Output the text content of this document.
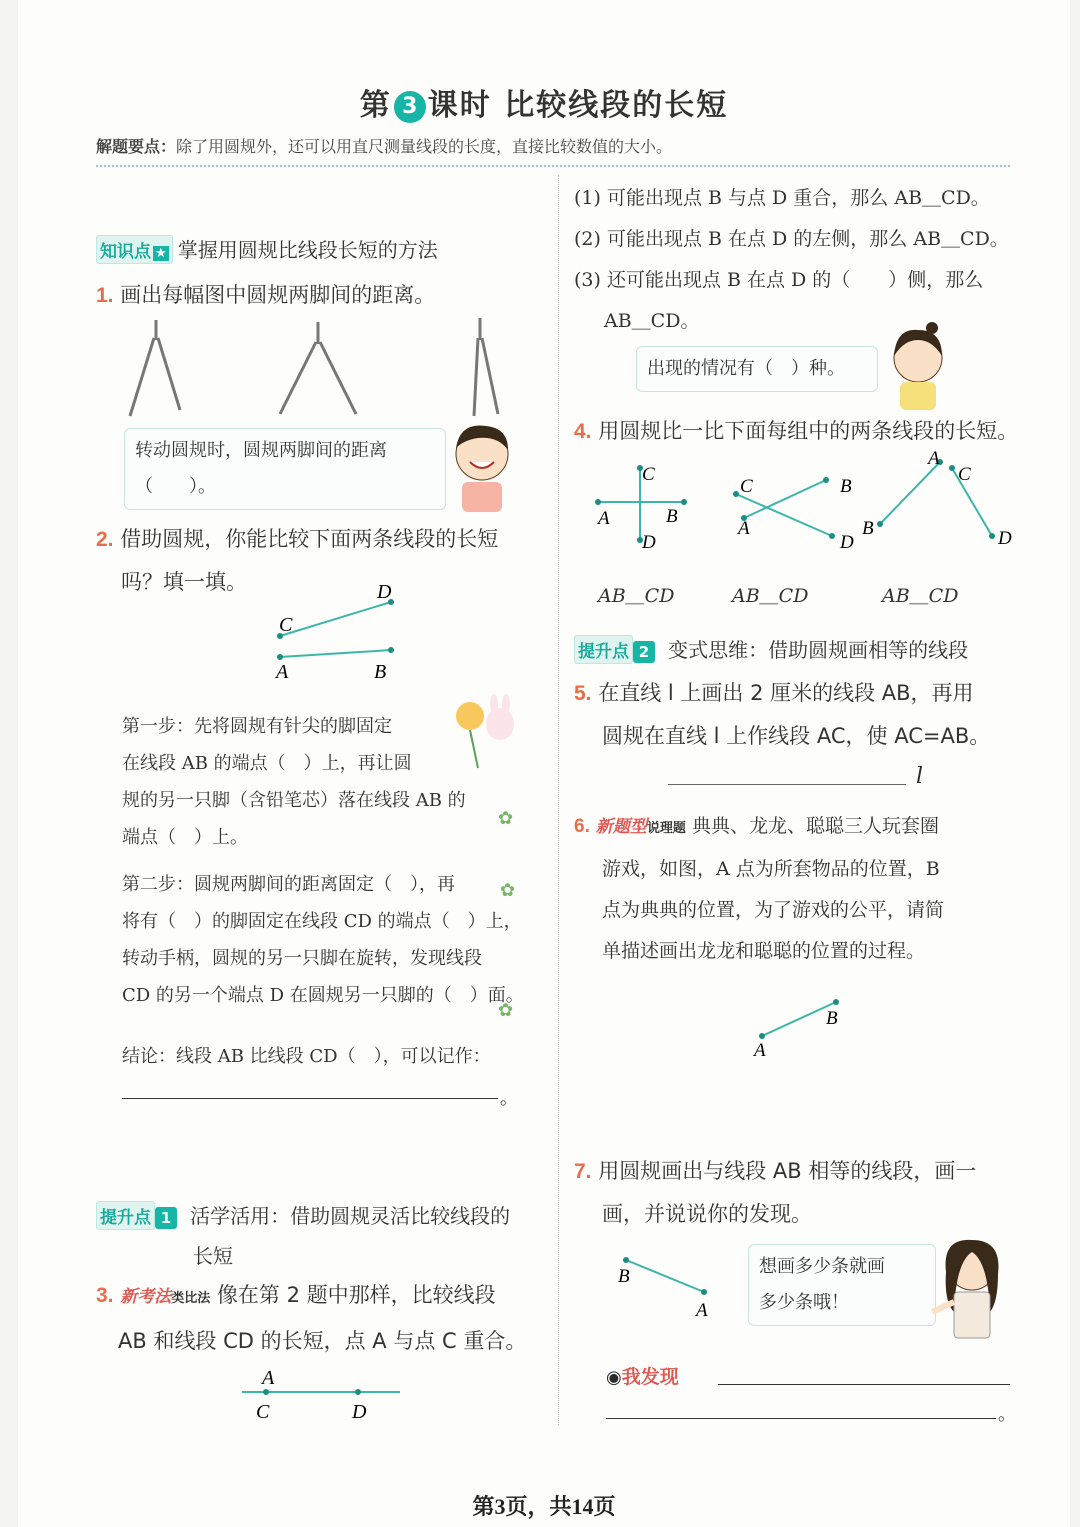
第 3 课时 比较线段的长短
解题要点：除了用圆规外，还可以用直尺测量线段的长度，直接比较数值的大小。
知识点 ★ 掌握用圆规比线段长短的方法
1. 画出每幅图中圆规两脚间的距离。
转动圆规时，圆规两脚间的距离
（　　）。
2. 借助圆规，你能比较下面两条线段的长短
吗？填一填。
C
D
A	B
第一步：先将圆规有针尖的脚固定
在线段 AB 的端点（　）上，再让圆
规的另一只脚（含铅笔芯）落在线段 AB 的
端点（　）上。
✿
第二步：圆规两脚间的距离固定（　），再
将有（　）的脚固定在线段 CD 的端点（　）上，
转动手柄，圆规的另一只脚在旋转，发现线段
CD 的另一个端点 D 在圆规另一只脚的（　）面。
✿
✿
结论：线段 AB 比线段 CD（　），可以记作：
。
提升点 1 活学活用：借助圆规灵活比较线段的
长短
3. 新考法类比法 像在第 2 题中那样，比较线段
AB 和线段 CD 的长短，点 A 与点 C 重合。
A
C	D
(1) 可能出现点 B 与点 D 重合，那么 AB＿CD。
(2) 可能出现点 B 在点 D 的左侧，那么 AB＿CD。
(3) 还可能出现点 B 在点 D 的（　　）侧，那么
AB＿CD。
出现的情况有（　）种。
4. 用圆规比一比下面每组中的两条线段的长短。
C
A	B
D
C
A
B
D
A
C
B	D
AB＿CD	AB＿CD	AB＿CD
提升点 2 变式思维：借助圆规画相等的线段
5. 在直线 l 上画出 2 厘米的线段 AB，再用
圆规在直线 l 上作线段 AC，使 AC=AB。
l
6. 新题型说理题 典典、龙龙、聪聪三人玩套圈
游戏，如图，A 点为所套物品的位置，B
点为典典的位置，为了游戏的公平，请简
单描述画出龙龙和聪聪的位置的过程。
A
B
7. 用圆规画出与线段 AB 相等的线段，画一
画，并说说你的发现。
B
A
想画多少条就画
多少条哦！
◉我发现
。
第3页，共14页
